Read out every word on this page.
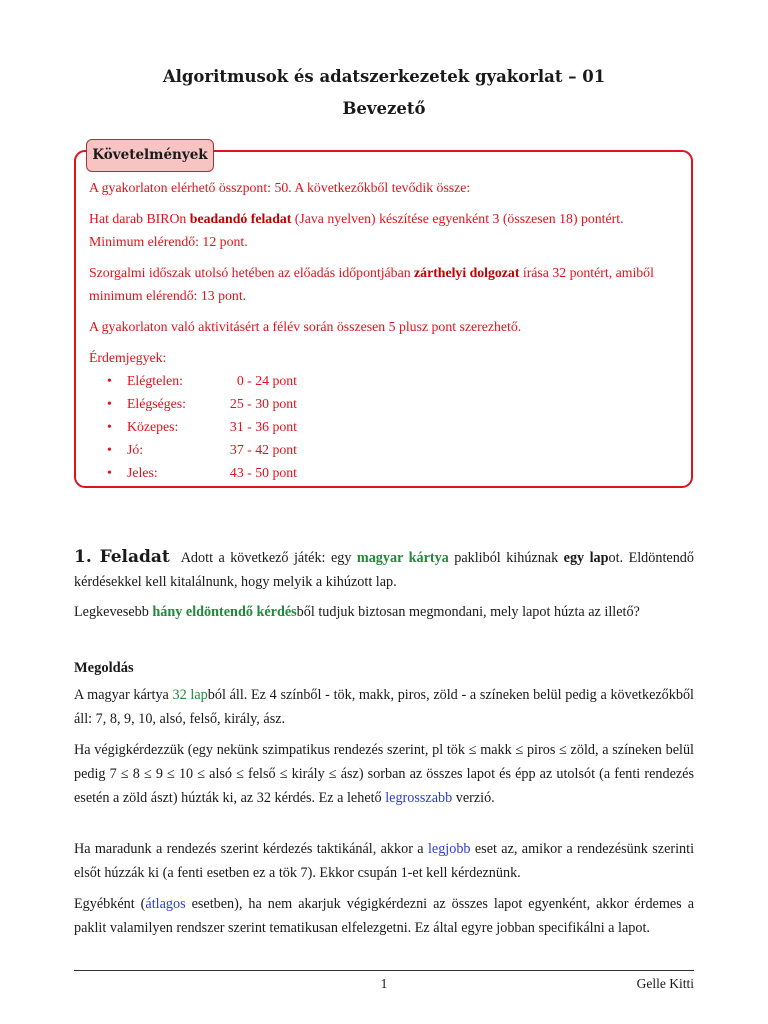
Algoritmusok és adatszerkezetek gyakorlat – 01
Bevezető
Követelmények

A gyakorlaton elérhető összpont: 50. A következőkből tevődik össze:

Hat darab BIROn beadandó feladat (Java nyelven) készítése egyenként 3 (összesen 18) pontért. Minimum elérendő: 12 pont.

Szorgalmi időszak utolsó hetében az előadás időpontjában zárthelyi dolgozat írása 32 pontért, amiből minimum elérendő: 13 pont.

A gyakorlaton való aktivitásért a félév során összesen 5 plusz pont szerezhető.

Érdemjegyek:

• Elégtelen:	0 - 24 pont
• Elégséges:	25 - 30 pont
• Közepes:	31 - 36 pont
• Jó:	37 - 42 pont
• Jeles:	43 - 50 pont
1. Feladat Adott a következő játék: egy magyar kártya pakliból kihúznak egy lapot. Eldöntendő kérdésekkel kell kitalálnunk, hogy melyik a kihúzott lap.
Legkevesebb hány eldöntendő kérdésből tudjuk biztosan megmondani, mely lapot húzta az illető?
Megoldás
A magyar kártya 32 lapból áll. Ez 4 színből - tök, makk, piros, zöld - a színeken belül pedig a következőkből áll: 7, 8, 9, 10, alsó, felső, király, ász.
Ha végigkérdezzük (egy nekünk szimpatikus rendezés szerint, pl tök ≤ makk ≤ piros ≤ zöld, a színeken belül pedig 7 ≤ 8 ≤ 9 ≤ 10 ≤ alsó ≤ felső ≤ király ≤ ász) sorban az összes lapot és épp az utolsót (a fenti rendezés esetén a zöld ászt) húzták ki, az 32 kérdés. Ez a lehető legrosszabb verzió.
Ha maradunk a rendezés szerint kérdezés taktikánál, akkor a legjobb eset az, amikor a rendezésünk szerinti elsőt húzzák ki (a fenti esetben ez a tök 7). Ekkor csupán 1-et kell kérdeznünk.
Egyébként (átlagos esetben), ha nem akarjuk végigkérdezni az összes lapot egyenként, akkor érdemes a paklit valamilyen rendszer szerint tematikusan elfelezgetni. Ez által egyre jobban specifikálni a lapot.
1	Gelle Kitti
